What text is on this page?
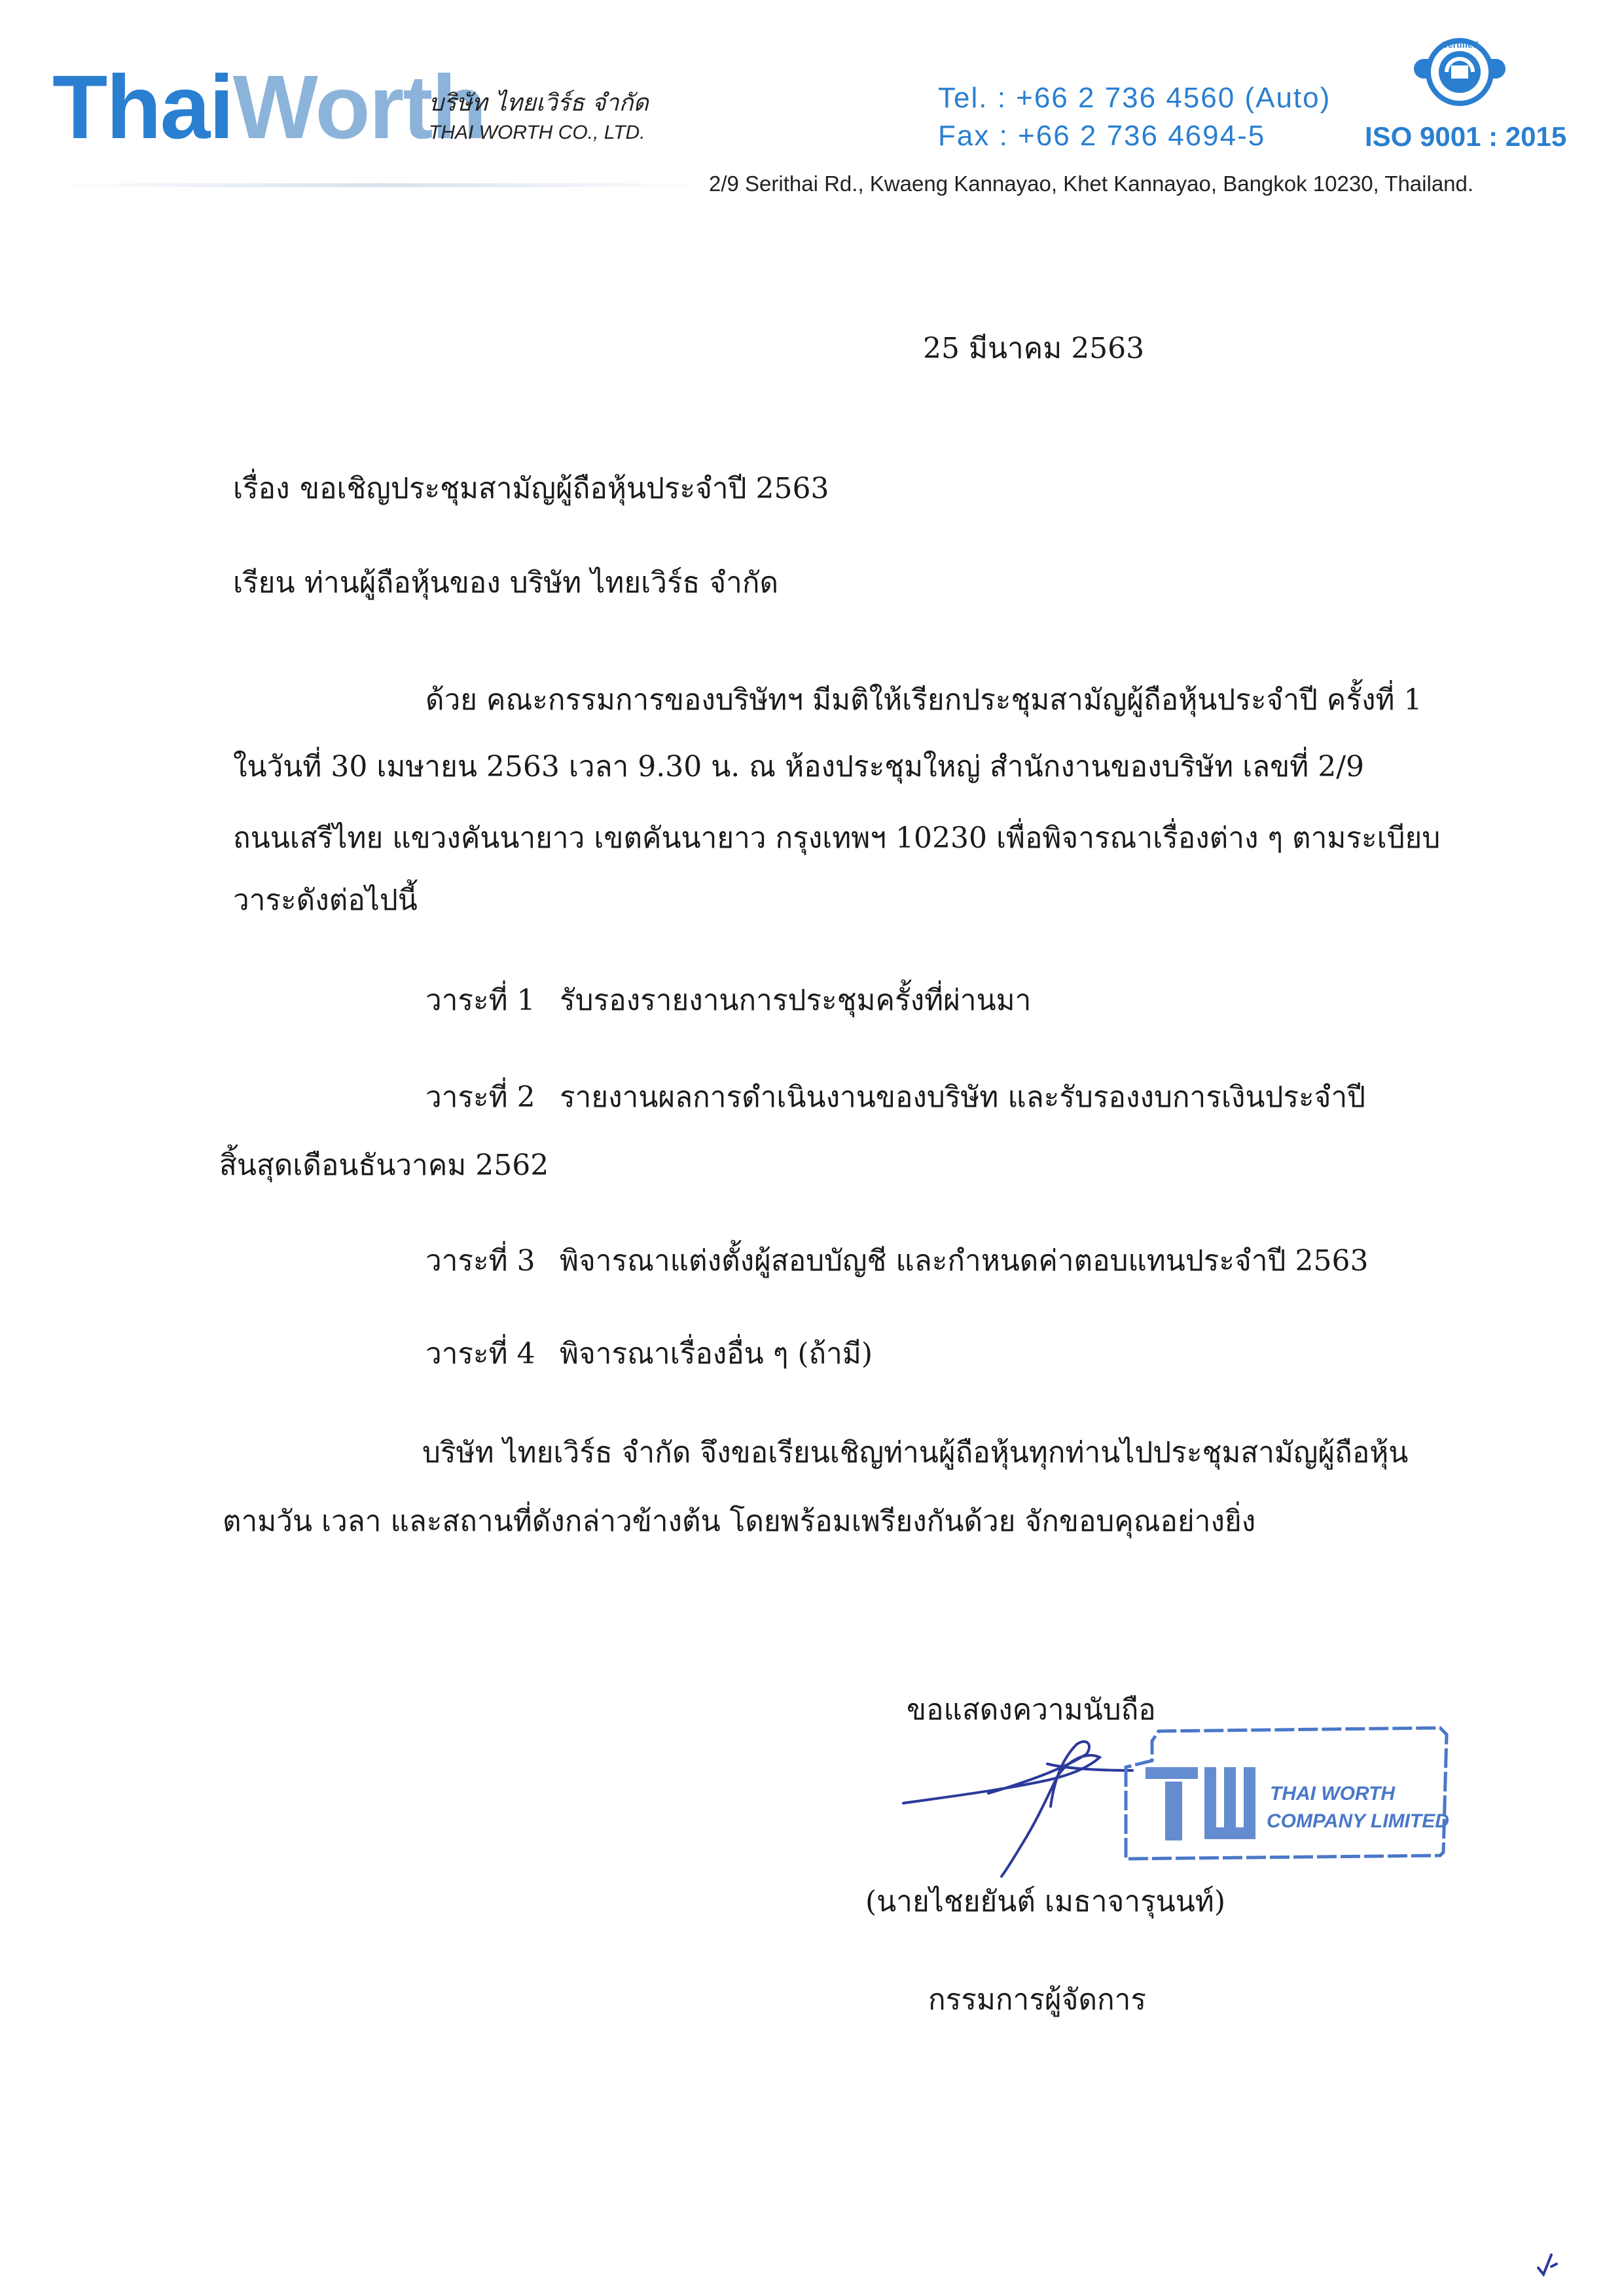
ThaiWorth
บริษัท ไทยเวิร์ธ จำกัด
THAI WORTH CO., LTD.
Tel. : +66 2 736 4560 (Auto)
Fax : +66 2 736 4694-5
Certified
ISO 9001 : 2015
2/9 Serithai Rd., Kwaeng Kannayao, Khet Kannayao, Bangkok 10230, Thailand.
25 มีนาคม 2563
เรื่อง ขอเชิญประชุมสามัญผู้ถือหุ้นประจำปี 2563
เรียน ท่านผู้ถือหุ้นของ บริษัท ไทยเวิร์ธ จำกัด
ด้วย คณะกรรมการของบริษัทฯ มีมติให้เรียกประชุมสามัญผู้ถือหุ้นประจำปี ครั้งที่ 1
ในวันที่ 30 เมษายน 2563 เวลา 9.30 น. ณ ห้องประชุมใหญ่ สำนักงานของบริษัท เลขที่ 2/9
ถนนเสรีไทย แขวงคันนายาว เขตคันนายาว กรุงเทพฯ 10230 เพื่อพิจารณาเรื่องต่าง ๆ ตามระเบียบ
วาระดังต่อไปนี้
วาระที่ 1 รับรองรายงานการประชุมครั้งที่ผ่านมา
วาระที่ 2 รายงานผลการดำเนินงานของบริษัท และรับรองงบการเงินประจำปี
สิ้นสุดเดือนธันวาคม 2562
วาระที่ 3 พิจารณาแต่งตั้งผู้สอบบัญชี และกำหนดค่าตอบแทนประจำปี 2563
วาระที่ 4 พิจารณาเรื่องอื่น ๆ (ถ้ามี)
บริษัท ไทยเวิร์ธ จำกัด จึงขอเรียนเชิญท่านผู้ถือหุ้นทุกท่านไปประชุมสามัญผู้ถือหุ้น
ตามวัน เวลา และสถานที่ดังกล่าวข้างต้น โดยพร้อมเพรียงกันด้วย จักขอบคุณอย่างยิ่ง
ขอแสดงความนับถือ
THAI WORTH
COMPANY LIMITED
(นายไชยยันต์ เมธาจารุนนท์)
กรรมการผู้จัดการ
